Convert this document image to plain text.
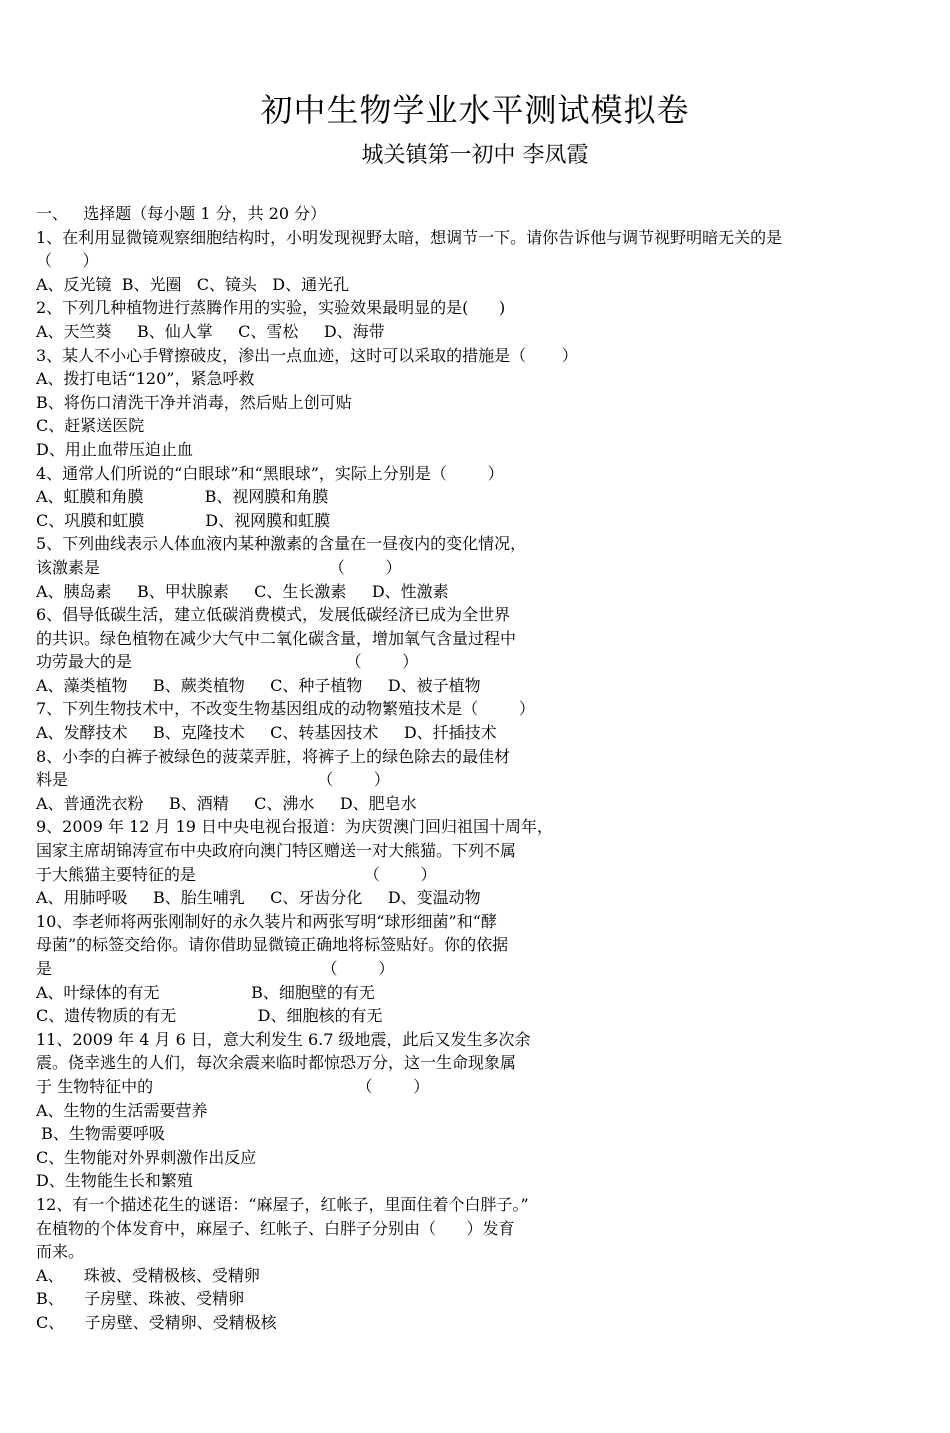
初中生物学业水平测试模拟卷
城关镇第一初中 李凤霞
一、   选择题（每小题 1 分，共 20 分）
1、在利用显微镜观察细胞结构时，小明发现视野太暗，想调节一下。请你告诉他与调节视野明暗无关的是
（      ）
A、反光镜  B、光圈   C、镜头   D、通光孔
2、下列几种植物进行蒸腾作用的实验，实验效果最明显的是(      )
A、天竺葵     B、仙人掌     C、雪松     D、海带
3、某人不小心手臂擦破皮，渗出一点血迹，这时可以采取的措施是（       ）
A、拨打电话“120”，紧急呼救
B、将伤口清洗干净并消毒，然后贴上创可贴
C、赶紧送医院
D、用止血带压迫止血
4、通常人们所说的“白眼球”和“黑眼球”，实际上分别是（        ）
A、虹膜和角膜            B、视网膜和角膜
C、巩膜和虹膜            D、视网膜和虹膜
5、下列曲线表示人体血液内某种激素的含量在一昼夜内的变化情况，
该激素是                                             （        ）
A、胰岛素     B、甲状腺素     C、生长激素     D、性激素
6、倡导低碳生活，建立低碳消费模式，发展低碳经济已成为全世界
的共识。绿色植物在减少大气中二氧化碳含量，增加氧气含量过程中
功劳最大的是                                          （        ）
A、藻类植物     B、蕨类植物     C、种子植物     D、被子植物
7、下列生物技术中，不改变生物基因组成的动物繁殖技术是（        ）
A、发酵技术     B、克隆技术     C、转基因技术     D、扦插技术
8、小李的白裤子被绿色的菠菜弄脏，将裤子上的绿色除去的最佳材
料是                                                 （        ）
A、普通洗衣粉     B、酒精     C、沸水     D、肥皂水
9、2009 年 12 月 19 日中央电视台报道：为庆贺澳门回归祖国十周年，
国家主席胡锦涛宣布中央政府向澳门特区赠送一对大熊猫。下列不属
于大熊猫主要特征的是                                 （        ）
A、用肺呼吸     B、胎生哺乳     C、牙齿分化     D、变温动物
10、李老师将两张刚制好的永久装片和两张写明“球形细菌”和“酵
母菌”的标签交给你。请你借助显微镜正确地将标签贴好。你的依据
是                                                     （        ）
A、叶绿体的有无                  B、细胞壁的有无
C、遗传物质的有无                D、细胞核的有无
11、2009 年 4 月 6 日，意大利发生 6.7 级地震，此后又发生多次余
震。侥幸逃生的人们，每次余震来临时都惊恐万分，这一生命现象属
于 生物特征中的                                        （        ）
A、生物的生活需要营养
B、生物需要呼吸
C、生物能对外界刺激作出反应
D、生物能生长和繁殖
12、有一个描述花生的谜语：“麻屋子，红帐子，里面住着个白胖子。”
在植物的个体发育中，麻屋子、红帐子、白胖子分别由（      ）发育
而来。
A、    珠被、受精极核、受精卵
B、    子房壁、珠被、受精卵
C、    子房壁、受精卵、受精极核
